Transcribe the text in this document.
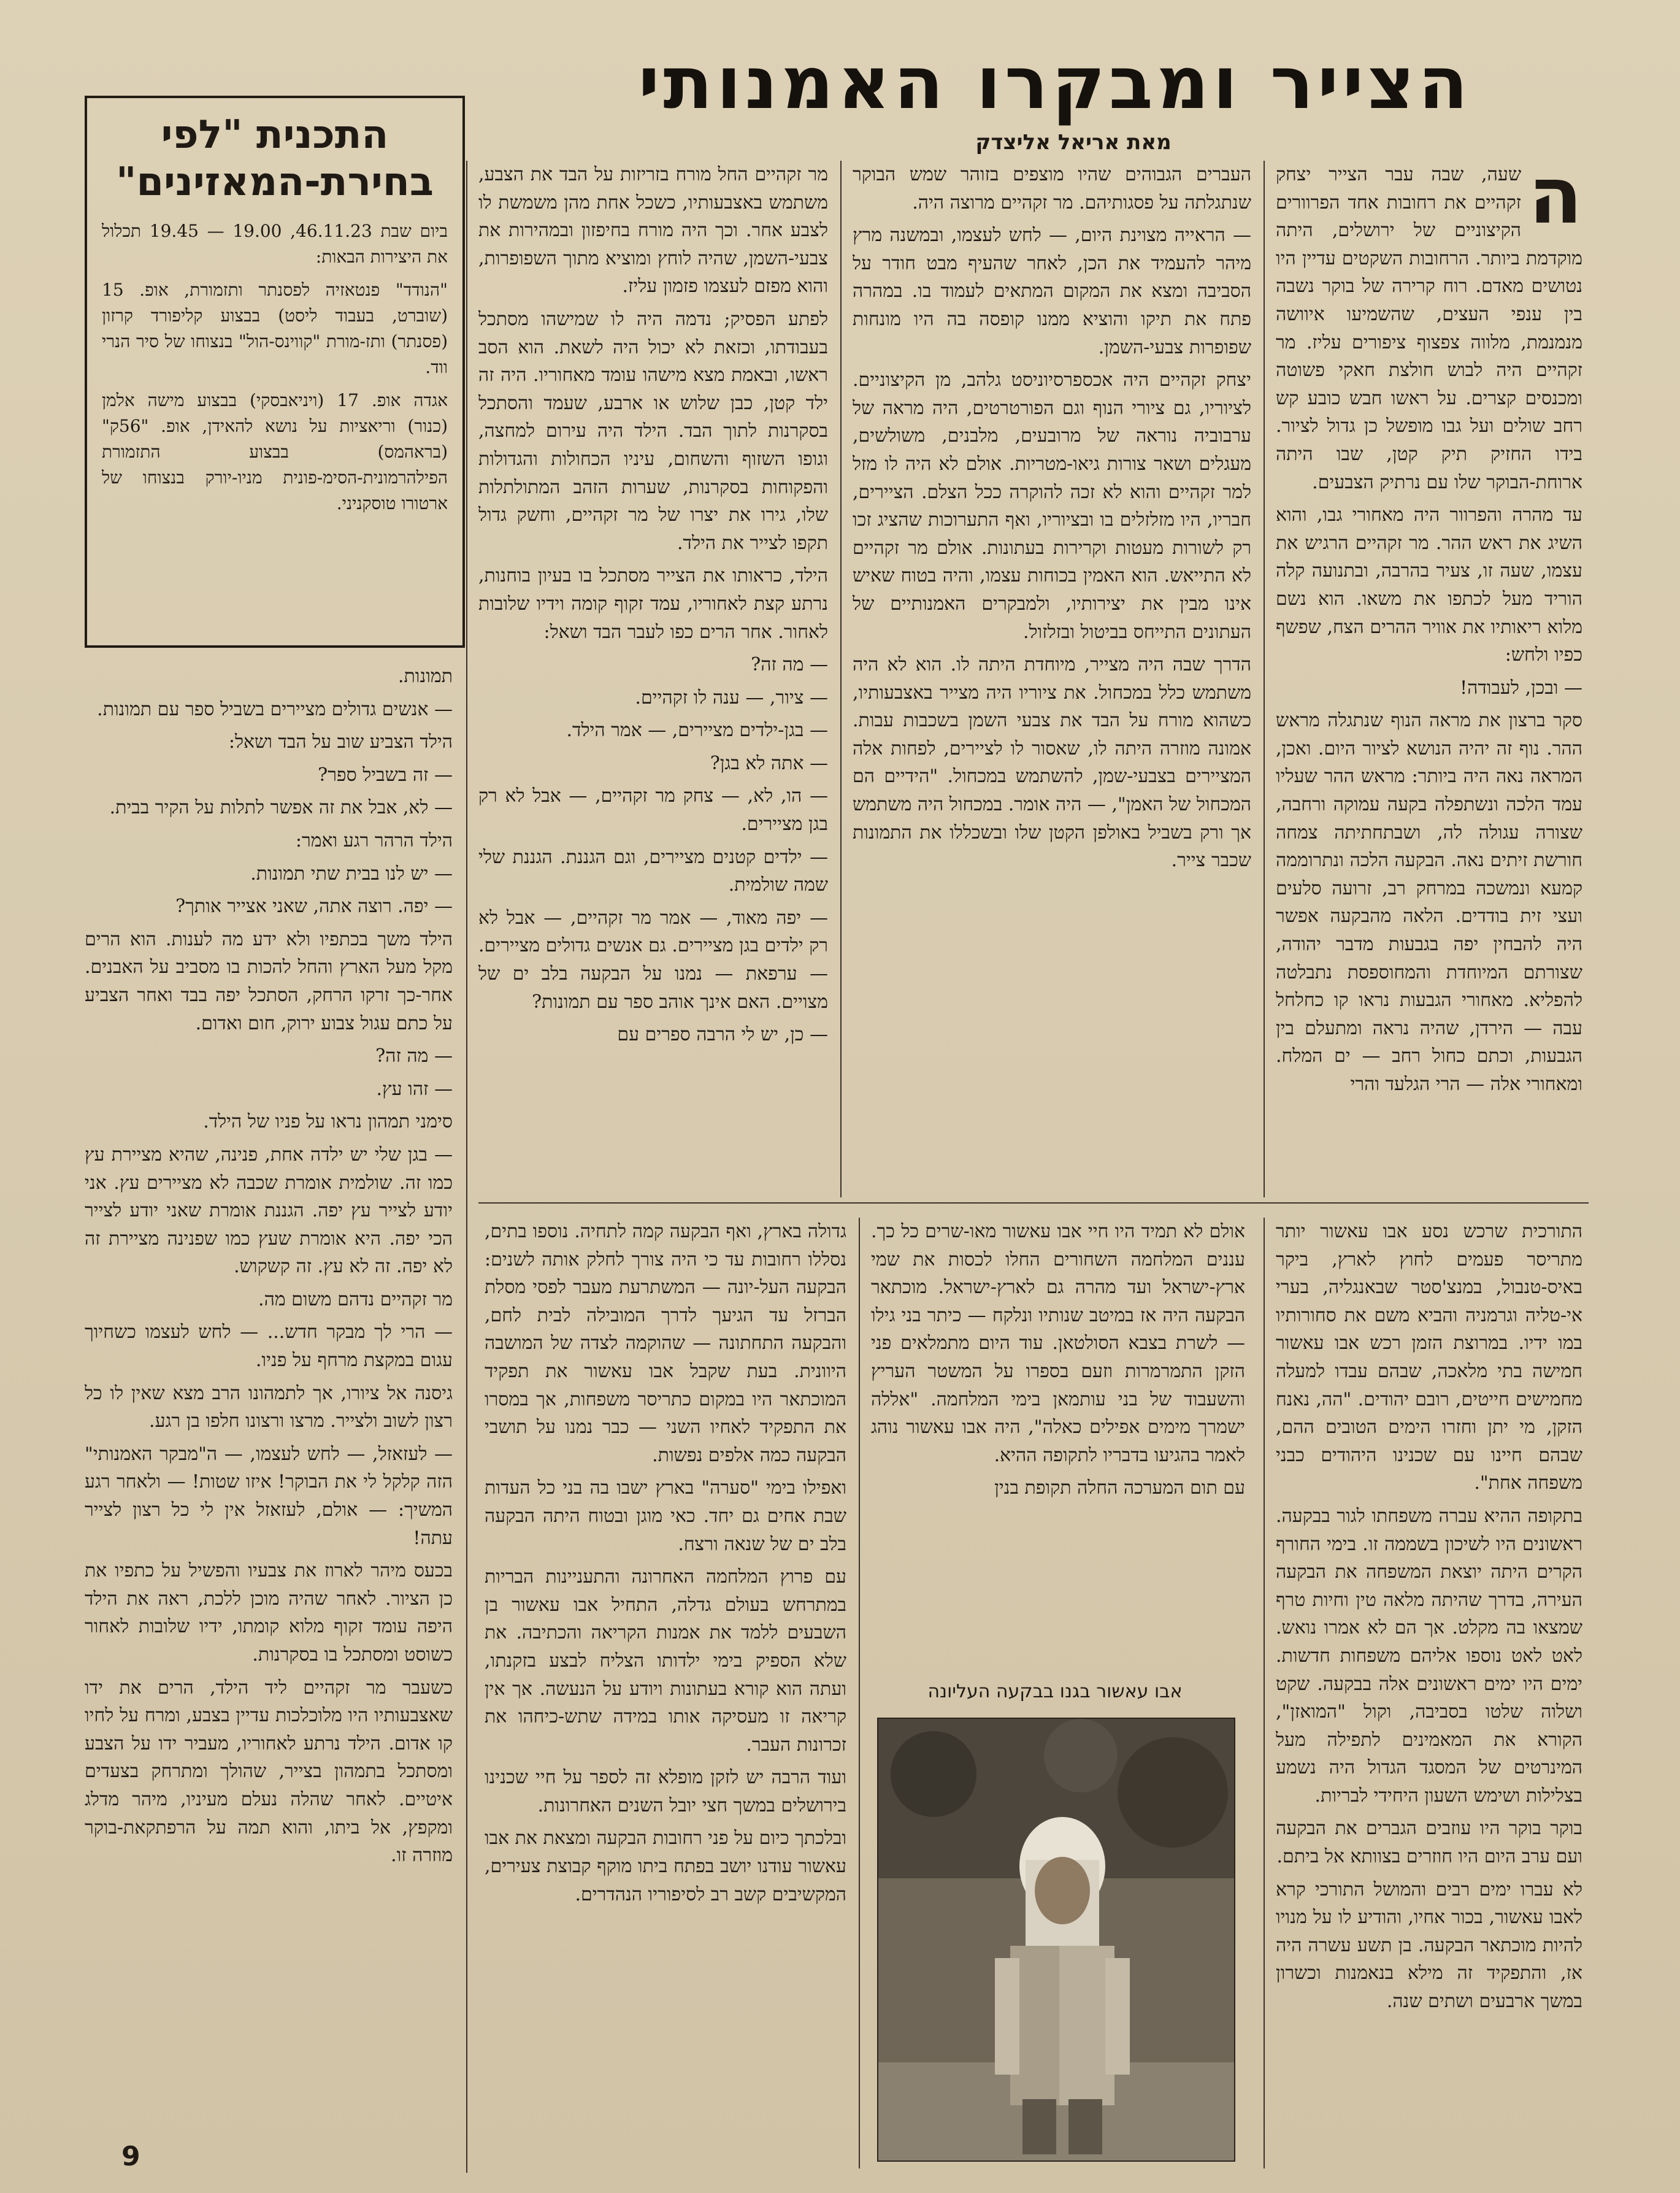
הצייר ומבקרו האמנותי
מאת אריאל אליצדק
התכנית "לפי בחירת-המאזינים"

ביום שבת 46.11.23, 19.00 — 19.45 תכלול את היצירות הבאות:

"הנודד" פנטאזיה לפסנתר ותזמורת, אופ. 15 (שוברט, בעבוד ליסט) בבצוע קליפורד קרזון (פסנתר) ותז-מורת "קווינס-הול" בנצוחו של סיר הנרי ווד.

אגדה אופ. 17 (ויניאבסקי) בבצוע מישה אלמן (כנור) וריאציות על נושא להאידן, אופ. "56ק" (בראהמס) בבצוע התזמורת הפילהרמונית-הסימ-פונית מניו-יורק בנצוחו של ארטורו טוסקניני.

ה

שעה, שבה עבר הצייר יצחק זקהיים את רחובות אחד הפרוורים הקיצוניים של ירושלים, היתה מוקדמת ביותר. הרחובות השקטים עדיין היו נטושים מאדם. רוח קרירה של בוקר נשבה בין ענפי העצים, שהשמיעו איוושה מנמנמת, מלווה צפצוף ציפורים עליז. מר זקהיים היה לבוש חולצת חאקי פשוטה ומכנסים קצרים. על ראשו חבש כובע קש רחב שולים ועל גבו מופשל כן גדול לציור. בידו החזיק תיק קטן, שבו היתה ארוחת-הבוקר שלו עם נרתיק הצבעים.

עד מהרה והפרוור היה מאחורי גבו, והוא השיג את ראש ההר. מר זקהיים הרגיש את עצמו, שעה זו, צעיר בהרבה, ובתנועה קלה הוריד מעל לכתפו את משאו. הוא נשם מלוא ריאותיו את אוויר ההרים הצח, שפשף כפיו ולחש:

— ובכן, לעבודה!

סקר ברצון את מראה הנוף שנתגלה מראש ההר. נוף זה יהיה הנושא לציור היום. ואכן, המראה נאה היה ביותר: מראש ההר שעליו עמד הלכה ונשתפלה בקעה עמוקה ורחבה, שצורה עגולה לה, ושבתחתיתה צמחה חורשת זיתים נאה. הבקעה הלכה ונתרוממה קמעא ונמשכה במרחק רב, זרועה סלעים ועצי זית בודדים. הלאה מהבקעה אפשר היה להבחין יפה בגבעות מדבר יהודה, שצורתם המיוחדת והמחוספסת נתבלטה להפליא. מאחורי הגבעות נראו קו כחלחל עבה — הירדן, שהיה נראה ומתעלם בין הגבעות, וכתם כחול רחב — ים המלח. ומאחורי אלה — הרי הגלעד והרי

העברים הגבוהים שהיו מוצפים בזוהר שמש הבוקר שנתגלתה על פסגותיהם. מר זקהיים מרוצה היה.

— הראייה מצוינת היום, — לחש לעצמו, ובמשנה מרץ מיהר להעמיד את הכן, לאחר שהעיף מבט חודר על הסביבה ומצא את המקום המתאים לעמוד בו. במהרה פתח את תיקו והוציא ממנו קופסה בה היו מונחות שפופרות צבעי-השמן.

יצחק זקהיים היה אכספרסיוניסט גלהב, מן הקיצוניים. לציוריו, גם ציורי הנוף וגם הפורטרטים, היה מראה של ערבוביה נוראה של מרובעים, מלבנים, משולשים, מעגלים ושאר צורות גיאו-מטריות. אולם לא היה לו מזל למר זקהיים והוא לא זכה להוקרה ככל הצלם. הציירים, חבריו, היו מזלזלים בו ובציוריו, ואף התערוכות שהציג זכו רק לשורות מעטות וקרירות בעתונות. אולם מר זקהיים לא התייאש. הוא האמין בכוחות עצמו, והיה בטוח שאיש אינו מבין את יצירותיו, ולמבקרים האמנותיים של העתונים התייחס בביטול ובזלזול.

הדרך שבה היה מצייר, מיוחדת היתה לו. הוא לא היה משתמש כלל במכחול. את ציוריו היה מצייר באצבעותיו, כשהוא מורח על הבד את צבעי השמן בשכבות עבות. אמונה מוזרה היתה לו, שאסור לו לציירים, לפחות אלה המציירים בצבעי-שמן, להשתמש במכחול. "הידיים הם המכחול של האמן", — היה אומר. במכחול היה משתמש אך ורק בשביל באולפן הקטן שלו ובשכללו את התמונות שכבר צייר.

מר זקהיים החל מורח בזריזות על הבד את הצבע, משתמש באצבעותיו, כשכל אחת מהן משמשת לו לצבע אחר. וכך היה מורח בחיפזון ובמהירות את צבעי-השמן, שהיה לוחץ ומוציא מתוך השפופרות, והוא מפזם לעצמו פזמון עליז.

לפתע הפסיק; נדמה היה לו שמישהו מסתכל בעבודתו, וכזאת לא יכול היה לשאת. הוא הסב ראשו, ובאמת מצא מישהו עומד מאחוריו. היה זה ילד קטן, כבן שלוש או ארבע, שעמד והסתכל בסקרנות לתוך הבד. הילד היה עירום למחצה, וגופו השזוף והשחום, עיניו הכחולות והגדולות והפקוחות בסקרנות, שערות הזהב המתולתלות שלו, גירו את יצרו של מר זקהיים, וחשק גדול תקפו לצייר את הילד.

הילד, כראותו את הצייר מסתכל בו בעיון בוחנות, נרתע קצת לאחוריו, עמד זקוף קומה וידיו שלובות לאחור. אחר הרים כפו לעבר הבד ושאל:

— מה זה?

— ציור, — ענה לו זקהיים.

— בגן-ילדים מציירים, — אמר הילד.

— אתה לא בגן?

— הו, לא, — צחק מר זקהיים, — אבל לא רק בגן מציירים.

— ילדים קטנים מציירים, וגם הגננת. הגננת שלי שמה שולמית.

— יפה מאוד, — אמר מר זקהיים, — אבל לא רק ילדים בגן מציירים. גם אנשים גדולים מציירים. — ערפאת — נמנו על הבקעה בלב ים של מצויים. האם אינך אוהב ספר עם תמונות?

— כן, יש לי הרבה ספרים עם

תמונות.

— אנשים גדולים מציירים בשביל ספר עם תמונות.

הילד הצביע שוב על הבד ושאל:

— זה בשביל ספר?

— לא, אבל את זה אפשר לתלות על הקיר בבית.

הילד הרהר רגע ואמר:

— יש לנו בבית שתי תמונות.

— יפה. רוצה אתה, שאני אצייר אותך?

הילד משך בכתפיו ולא ידע מה לענות. הוא הרים מקל מעל הארץ והחל להכות בו מסביב על האבנים. אחר-כך זרקו הרחק, הסתכל יפה בבד ואחר הצביע על כתם עגול צבוע ירוק, חום ואדום.

— מה זה?

— זהו עץ.

סימני תמהון נראו על פניו של הילד.

— בגן שלי יש ילדה אחת, פנינה, שהיא מציירת עץ כמו זה. שולמית אומרת שכבה לא מציירים עץ. אני יודע לצייר עץ יפה. הגננת אומרת שאני יודע לצייר הכי יפה. היא אומרת שעץ כמו שפנינה מציירת זה לא יפה. זה לא עץ. זה קשקוש.

מר זקהיים נדהם משום מה.

— הרי לך מבקר חדש... — לחש לעצמו כשחיוך עגום במקצת מרחף על פניו.

גיסנה אל ציורו, אך לתמהונו הרב מצא שאין לו כל רצון לשוב ולצייר. מרצו ורצונו חלפו בן רגע.

— לעזאזל, — לחש לעצמו, — ה"מבקר האמנותי" הזה קלקל לי את הבוקר! איזו שטות! — ולאחר רגע המשיך: — אולם, לעזאזל אין לי כל רצון לצייר עתה!

בכעס מיהר לארוז את צבעיו והפשיל על כתפיו את כן הציור. לאחר שהיה מוכן ללכת, ראה את הילד היפה עומד זקוף מלוא קומתו, ידיו שלובות לאחור כשוסט ומסתכל בו בסקרנות.

כשעבר מר זקהיים ליד הילד, הרים את ידו שאצבעותיו היו מלוכלכות עדיין בצבע, ומרח על לחיו קו אדום. הילד נרתע לאחוריו, מעביר ידו על הצבע ומסתכל בתמהון בצייר, שהולך ומתרחק בצעדים איטיים. לאחר שהלה נעלם מעיניו, מיהר מדלג ומקפץ, אל ביתו, והוא תמה על הרפתקאת-בוקר מוזרה זו.

התורכית שרכש נסע אבו עאשור יותר מתריסר פעמים לחוץ לארץ, ביקר באיס-טנבול, במנצ'סטר שבאנגליה, בערי אי-טליה וגרמניה והביא משם את סחורותיו במו ידיו. במרוצת הזמן רכש אבו עאשור חמישה בתי מלאכה, שבהם עבדו למעלה מחמישים חייטים, רובם יהודים. "הה, נאנח הזקן, מי יתן וחזרו הימים הטובים ההם, שבהם חיינו עם שכנינו היהודים כבני משפחה אחת".

בתקופה ההיא עברה משפחתו לגור בבקעה. ראשונים היו לשיכון בשממה זו. בימי החורף הקרים היתה יוצאת המשפחה את הבקעה העירה, בדרך שהיתה מלאה טין וחיות טרף שמצאו בה מקלט. אך הם לא אמרו נואש. לאט לאט נוספו אליהם משפחות חדשות. ימים היו ימים ראשונים אלה בבקעה. שקט ושלוה שלטו בסביבה, וקול "המואזן", הקורא את המאמינים לתפילה מעל המינרטים של המסגד הגדול היה נשמע בצלילות ושימש השעון היחידי לבריות.

בוקר בוקר היו עוזבים הגברים את הבקעה ועם ערב היום היו חוזרים בצוותא אל ביתם.

לא עברו ימים רבים והמושל התורכי קרא לאבו עאשור, בכור אחיו, והודיע לו על מנויו להיות מוכתאר הבקעה. בן תשע עשרה היה אז, והתפקיד זה מילא בנאמנות וכשרון במשך ארבעים ושתים שנה.

אולם לא תמיד היו חיי אבו עאשור מאו-שרים כל כך. עננים המלחמה השחורים החלו לכסות את שמי ארץ-ישראל ועד מהרה גם לארץ-ישראל. מוכתאר הבקעה היה אז במיטב שנותיו ונלקח — כיתר בני גילו — לשרת בצבא הסולטאן. עוד היום מתמלאים פני הזקן התמרמרות וזעם בספרו על המשטר העריץ והשעבוד של בני עותמאן בימי המלחמה. "אללה ישמרך מימים אפילים כאלה", היה אבו עאשור נוהג לאמר בהגיעו בדבריו לתקופה ההיא.

עם תום המערכה החלה תקופת בנין

אבו עאשור בגנו בבקעה העליונה

גדולה בארץ, ואף הבקעה קמה לתחיה. נוספו בתים, נסללו רחובות עד כי היה צורך לחלק אותה לשנים: הבקעה העל-יונה — המשתרעת מעבר לפסי מסלת הברזל עד הגיעך לדרך המובילה לבית לחם, והבקעה התחתונה — שהוקמה לצדה של המושבה היוונית. בעת שקבל אבו עאשור את תפקיד המוכתאר היו במקום כתריסר משפחות, אך במסרו את התפקיד לאחיו השני — כבר נמנו על תושבי הבקעה כמה אלפים נפשות.

ואפילו בימי "סערה" בארץ ישבו בה בני כל העדות שבת אחים גם יחד. כאי מוגן ובטוח היתה הבקעה בלב ים של שנאה ורצח.

עם פרוץ המלחמה האחרונה והתעניינות הבריות במתרחש בעולם גדלה, התחיל אבו עאשור בן השבעים ללמד את אמנות הקריאה והכתיבה. את שלא הספיק בימי ילדותו הצליח לבצע בזקנתו, ועתה הוא קורא בעתונות ויודע על הנעשה. אך אין קריאה זו מעסיקה אותו במידה שתש-כיחהו את זכרונות העבר.

ועוד הרבה יש לזקן מופלא זה לספר על חיי שכנינו בירושלים במשך חצי יובל השנים האחרונות.

ובלכתך כיום על פני רחובות הבקעה ומצאת את אבו עאשור עודנו יושב בפתח ביתו מוקף קבוצת צעירים, המקשיבים קשב רב לסיפוריו הנהדרים.

9
